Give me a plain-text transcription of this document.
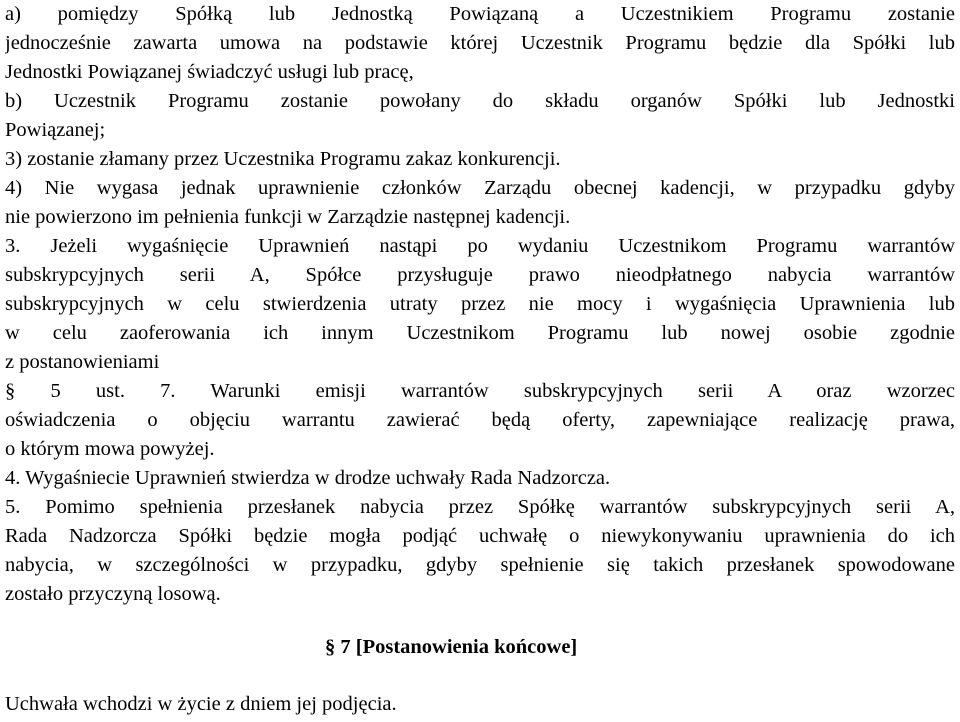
a) pomiędzy Spółką lub Jednostką Powiązaną a Uczestnikiem Programu zostanie
jednocześnie zawarta umowa na podstawie której Uczestnik Programu będzie dla Spółki lub
Jednostki Powiązanej świadczyć usługi lub pracę,
b) Uczestnik Programu zostanie powołany do składu organów Spółki lub Jednostki
Powiązanej;
3) zostanie złamany przez Uczestnika Programu zakaz konkurencji.
4) Nie wygasa jednak uprawnienie członków Zarządu obecnej kadencji, w przypadku gdyby
nie powierzono im pełnienia funkcji w Zarządzie następnej kadencji.
3. Jeżeli wygaśnięcie Uprawnień nastąpi po wydaniu Uczestnikom Programu warrantów
subskrypcyjnych serii A, Spółce przysługuje prawo nieodpłatnego nabycia warrantów
subskrypcyjnych w celu stwierdzenia utraty przez nie mocy i wygaśnięcia Uprawnienia lub
w celu zaoferowania ich innym Uczestnikom Programu lub nowej osobie zgodnie
z postanowieniami
§ 5 ust. 7. Warunki emisji warrantów subskrypcyjnych serii A oraz wzorzec
oświadczenia o objęciu warrantu zawierać będą oferty, zapewniające realizację prawa,
o którym mowa powyżej.
4. Wygaśniecie Uprawnień stwierdza w drodze uchwały Rada Nadzorcza.
5. Pomimo spełnienia przesłanek nabycia przez Spółkę warrantów subskrypcyjnych serii A,
Rada Nadzorcza Spółki będzie mogła podjąć uchwałę o niewykonywaniu uprawnienia do ich
nabycia, w szczególności w przypadku, gdyby spełnienie się takich przesłanek spowodowane
zostało przyczyną losową.
§ 7 [Postanowienia końcowe]
Uchwała wchodzi w życie z dniem jej podjęcia.
